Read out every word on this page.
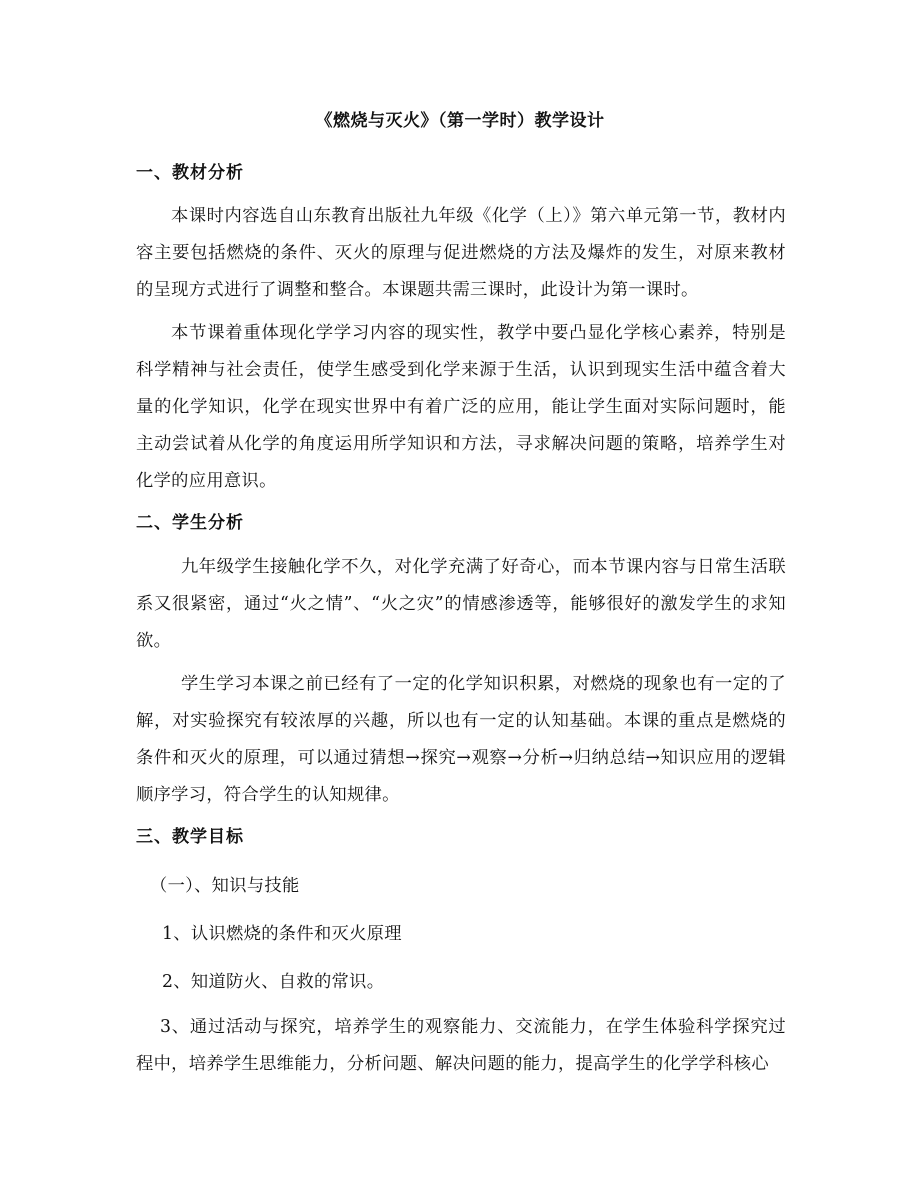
《燃烧与灭火》（第一学时）教学设计
一、教材分析
本课时内容选自山东教育出版社九年级《化学（上）》第六单元第一节，教材内容主要包括燃烧的条件、灭火的原理与促进燃烧的方法及爆炸的发生，对原来教材的呈现方式进行了调整和整合。本课题共需三课时，此设计为第一课时。
本节课着重体现化学学习内容的现实性，教学中要凸显化学核心素养，特别是科学精神与社会责任，使学生感受到化学来源于生活，认识到现实生活中蕴含着大量的化学知识，化学在现实世界中有着广泛的应用，能让学生面对实际问题时，能主动尝试着从化学的角度运用所学知识和方法，寻求解决问题的策略，培养学生对化学的应用意识。
二、学生分析
九年级学生接触化学不久，对化学充满了好奇心，而本节课内容与日常生活联系又很紧密，通过“火之情”、“火之灾”的情感渗透等，能够很好的激发学生的求知欲。
学生学习本课之前已经有了一定的化学知识积累，对燃烧的现象也有一定的了解，对实验探究有较浓厚的兴趣，所以也有一定的认知基础。本课的重点是燃烧的条件和灭火的原理，可以通过猜想→探究→观察→分析→归纳总结→知识应用的逻辑顺序学习，符合学生的认知规律。
三、教学目标
（一）、知识与技能
1、认识燃烧的条件和灭火原理
2、知道防火、自救的常识。
3、通过活动与探究，培养学生的观察能力、交流能力，在学生体验科学探究过程中，培养学生思维能力，分析问题、解决问题的能力，提高学生的化学学科核心
